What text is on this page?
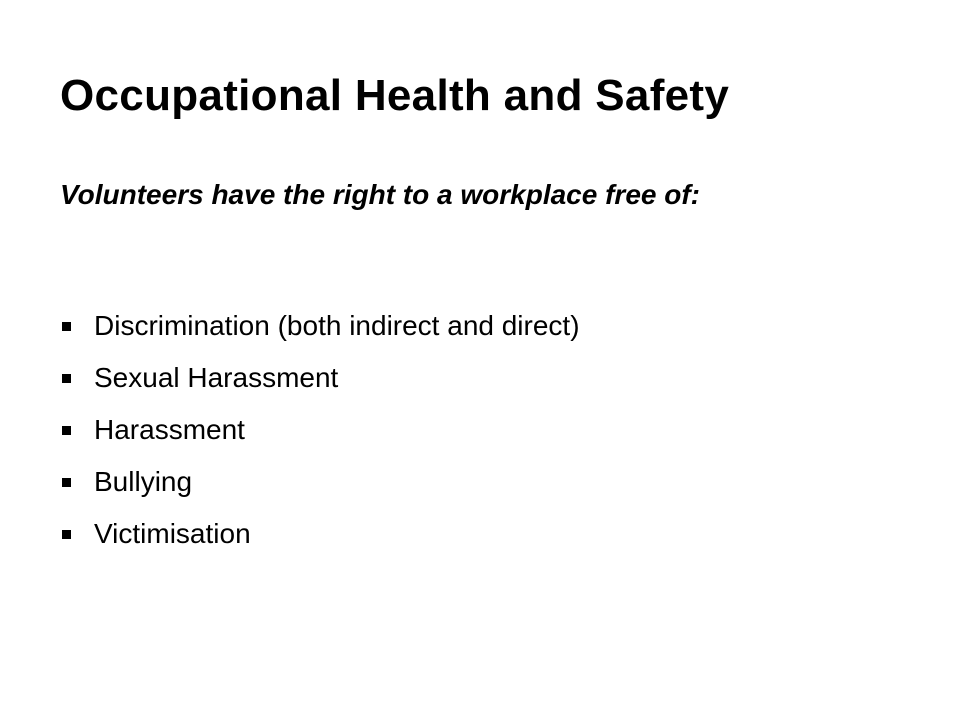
Occupational Health and Safety

Volunteers have the right to a workplace free of:

Discrimination (both indirect and direct)
Sexual Harassment
Harassment
Bullying
Victimisation
